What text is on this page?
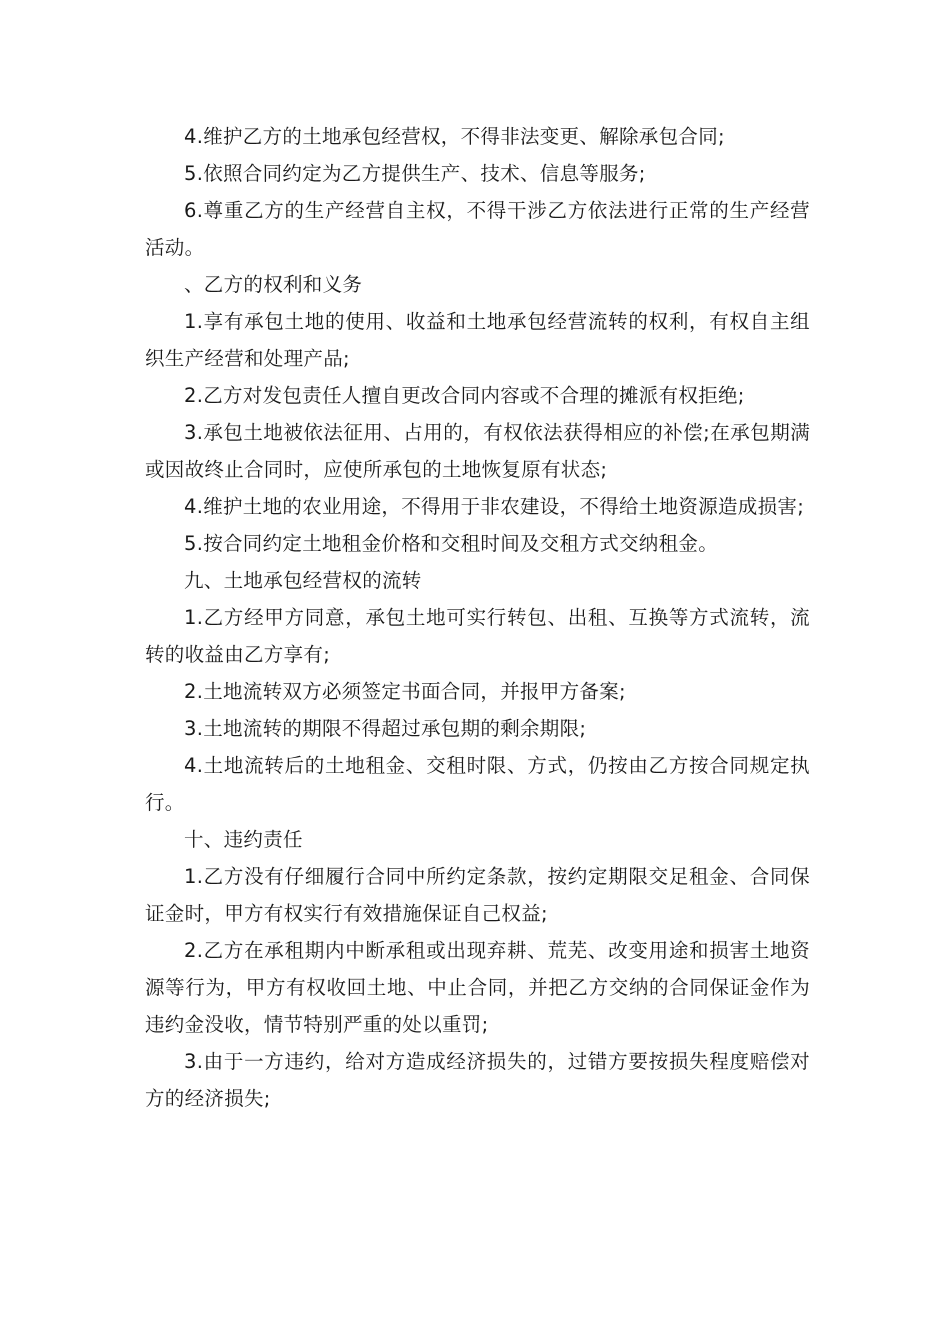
4.维护乙方的土地承包经营权，不得非法变更、解除承包合同;

5.依照合同约定为乙方提供生产、技术、信息等服务;

6.尊重乙方的生产经营自主权，不得干涉乙方依法进行正常的生产经营活动。

、乙方的权利和义务

1.享有承包土地的使用、收益和土地承包经营流转的权利，有权自主组织生产经营和处理产品;

2.乙方对发包责任人擅自更改合同内容或不合理的摊派有权拒绝;

3.承包土地被依法征用、占用的，有权依法获得相应的补偿;在承包期满或因故终止合同时，应使所承包的土地恢复原有状态;

4.维护土地的农业用途，不得用于非农建设，不得给土地资源造成损害;

5.按合同约定土地租金价格和交租时间及交租方式交纳租金。

九、土地承包经营权的流转

1.乙方经甲方同意，承包土地可实行转包、出租、互换等方式流转，流转的收益由乙方享有;

2.土地流转双方必须签定书面合同，并报甲方备案;

3.土地流转的期限不得超过承包期的剩余期限;

4.土地流转后的土地租金、交租时限、方式，仍按由乙方按合同规定执行。

十、违约责任

1.乙方没有仔细履行合同中所约定条款，按约定期限交足租金、合同保证金时，甲方有权实行有效措施保证自己权益;

2.乙方在承租期内中断承租或出现弃耕、荒芜、改变用途和损害土地资源等行为，甲方有权收回土地、中止合同，并把乙方交纳的合同保证金作为违约金没收，情节特别严重的处以重罚;

3.由于一方违约，给对方造成经济损失的，过错方要按损失程度赔偿对方的经济损失;
